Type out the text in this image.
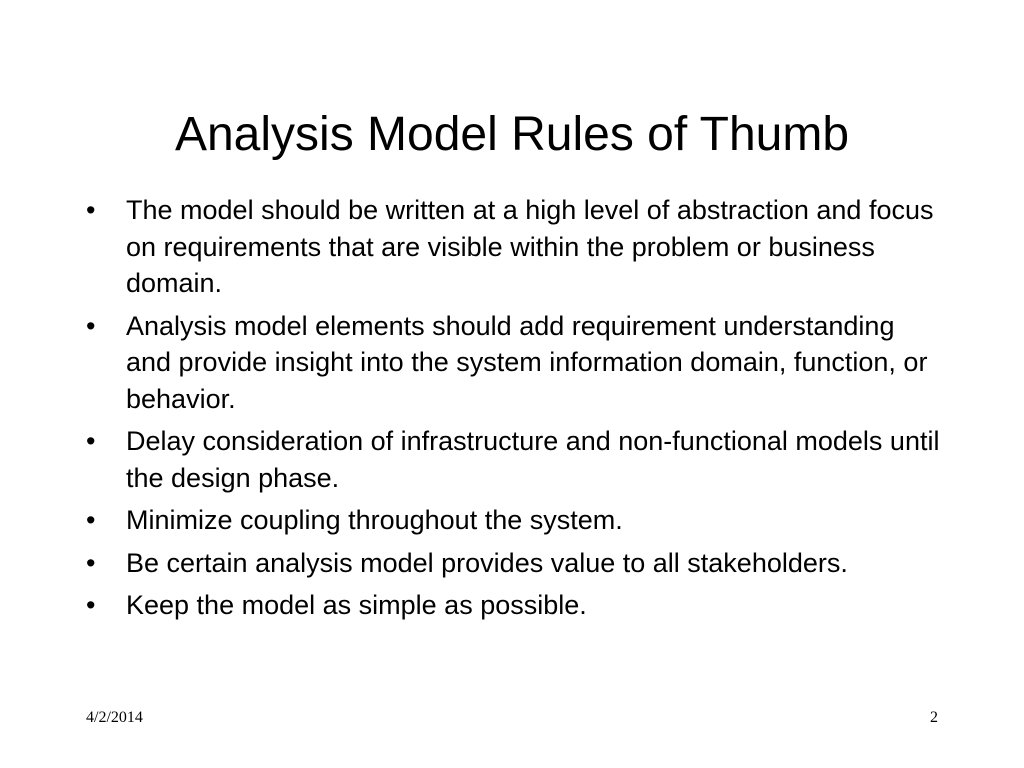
Analysis Model Rules of Thumb
•	The model should be written at a high level of abstraction and focus on requirements that are visible within the problem or business domain.
•	Analysis model elements should add requirement understanding and provide insight into the system information domain, function, or behavior.
•	Delay consideration of infrastructure and non-functional models until the design phase.
•	Minimize coupling throughout the system.
•	Be certain analysis model provides value to all stakeholders.
•	Keep the model as simple as possible.
4/2/2014	2
